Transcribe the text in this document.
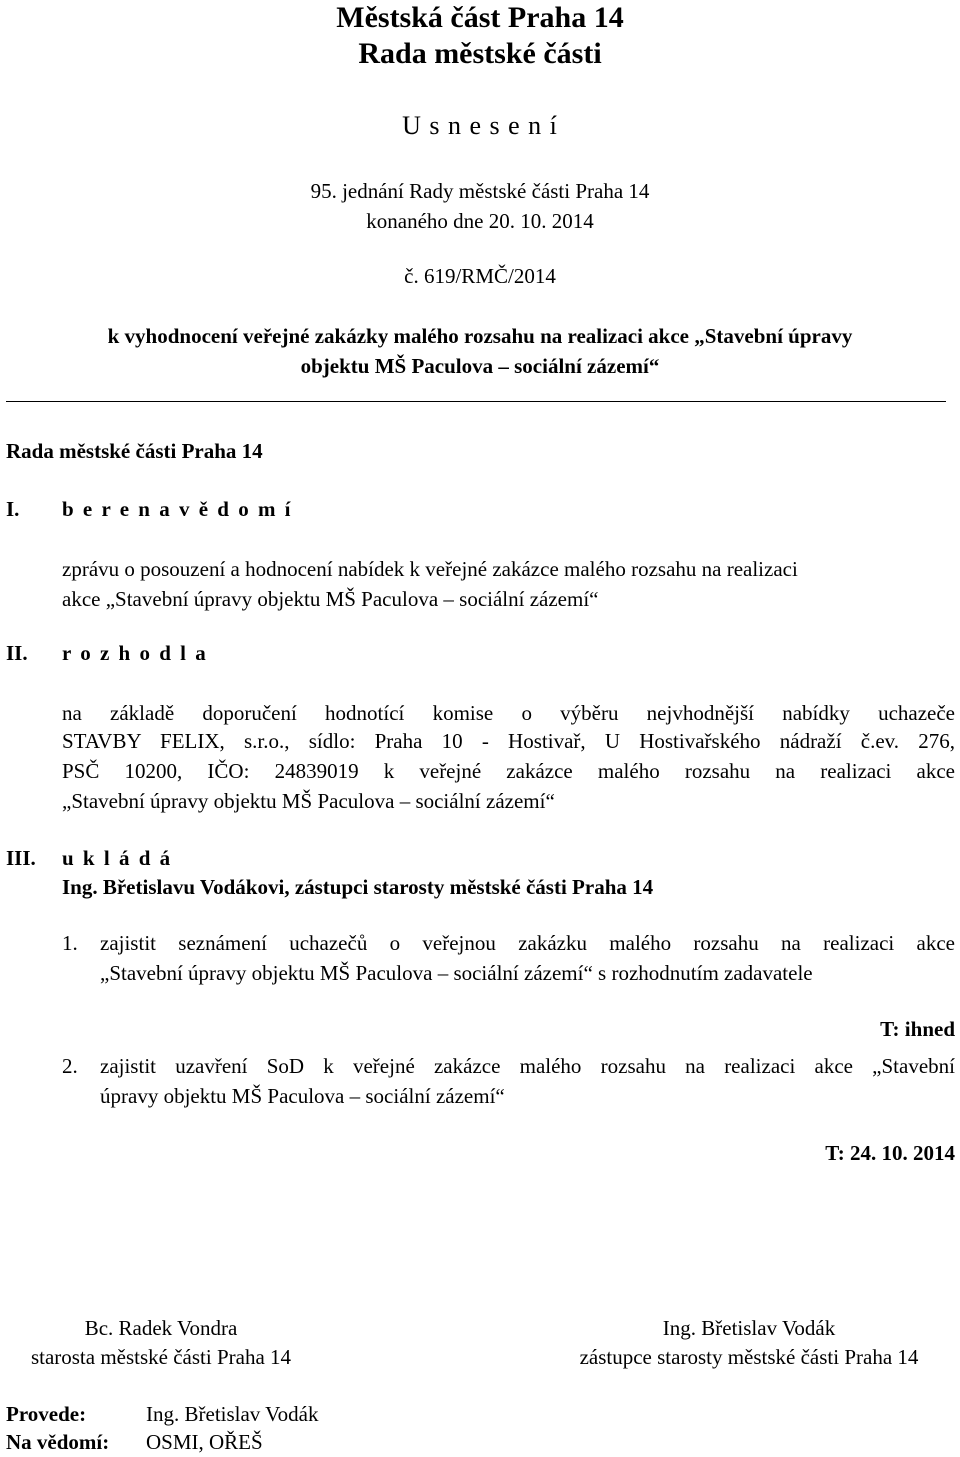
Městská část Praha 14
Rada městské části
U s n e s e n í
95. jednání Rady městské části Praha 14
konaného dne 20. 10. 2014
č. 619/RMČ/2014
k vyhodnocení veřejné zakázky malého rozsahu na realizaci akce „Stavební úpravy
objektu MŠ Paculova – sociální zázemí“
Rada městské části Praha 14
I. b e r e n a v ě d o m í
zprávu o posouzení a hodnocení nabídek k veřejné zakázce malého rozsahu na realizaci
akce „Stavební úpravy objektu MŠ Paculova – sociální zázemí“
II. r o z h o d l a
na základě doporučení hodnotící komise o výběru nejvhodnější nabídky uchazeče
STAVBY FELIX, s.r.o., sídlo: Praha 10 - Hostivař, U Hostivařského nádraží č.ev. 276,
PSČ 10200, IČO: 24839019 k veřejné zakázce malého rozsahu na realizaci akce
„Stavební úpravy objektu MŠ Paculova – sociální zázemí“
III. u k l á d á
Ing. Břetislavu Vodákovi, zástupci starosty městské části Praha 14
1. zajistit seznámení uchazečů o veřejnou zakázku malého rozsahu na realizaci akce
„Stavební úpravy objektu MŠ Paculova – sociální zázemí“ s rozhodnutím zadavatele
T: ihned
2. zajistit uzavření SoD k veřejné zakázce malého rozsahu na realizaci akce „Stavební
úpravy objektu MŠ Paculova – sociální zázemí“
T: 24. 10. 2014
Bc. Radek Vondra
starosta městské části Praha 14
Ing. Břetislav Vodák
zástupce starosty městské části Praha 14
Provede:	Ing. Břetislav Vodák
Na vědomí: OSMI, OŘEŠ
